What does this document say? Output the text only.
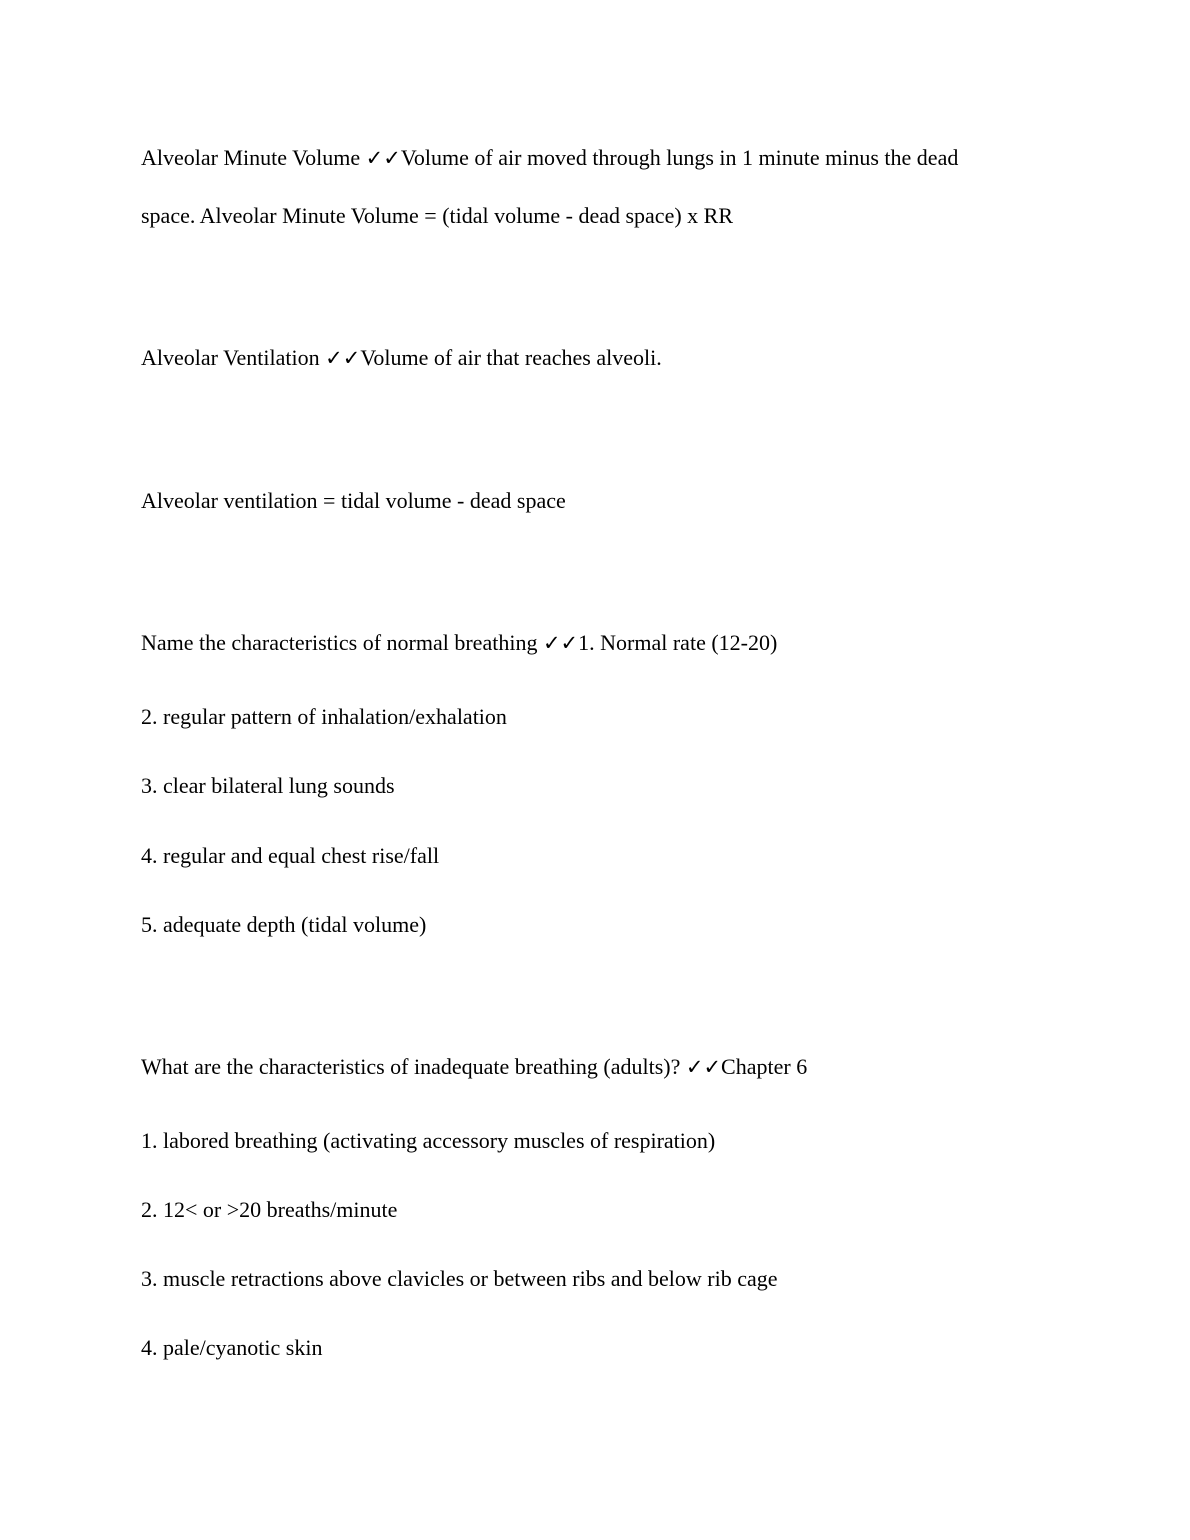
Alveolar Minute Volume ✓✓Volume of air moved through lungs in 1 minute minus the dead
space. Alveolar Minute Volume = (tidal volume - dead space) x RR
Alveolar Ventilation ✓✓Volume of air that reaches alveoli.
Alveolar ventilation = tidal volume - dead space
Name the characteristics of normal breathing ✓✓1. Normal rate (12-20)
2. regular pattern of inhalation/exhalation
3. clear bilateral lung sounds
4. regular and equal chest rise/fall
5. adequate depth (tidal volume)
What are the characteristics of inadequate breathing (adults)? ✓✓Chapter 6
1. labored breathing (activating accessory muscles of respiration)
2. 12< or >20 breaths/minute
3. muscle retractions above clavicles or between ribs and below rib cage
4. pale/cyanotic skin
